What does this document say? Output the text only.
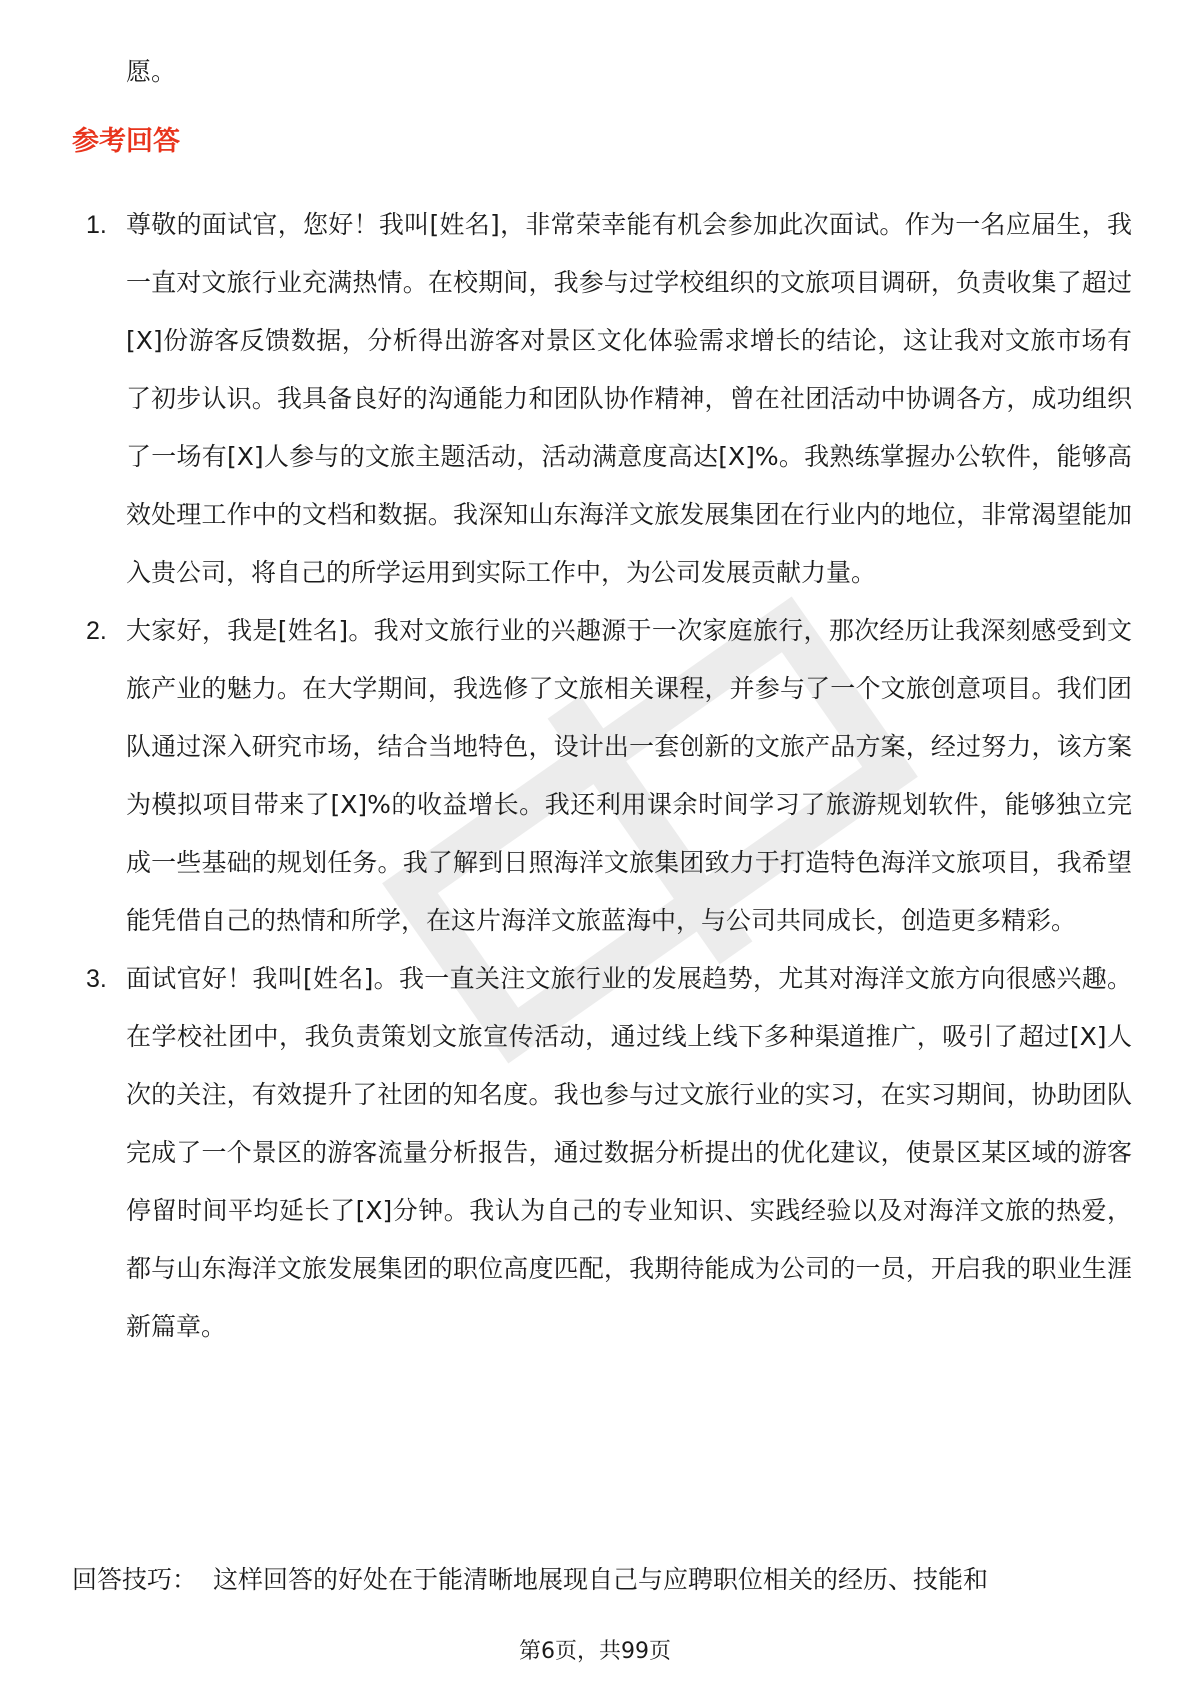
愿。
参考回答
1. 尊敬的面试官，您好！我叫[姓名]，非常荣幸能有机会参加此次面试。作为一名应届生，我一直对文旅行业充满热情。在校期间，我参与过学校组织的文旅项目调研，负责收集了超过[X]份游客反馈数据，分析得出游客对景区文化体验需求增长的结论，这让我对文旅市场有了初步认识。我具备良好的沟通能力和团队协作精神，曾在社团活动中协调各方，成功组织了一场有[X]人参与的文旅主题活动，活动满意度高达[X]%。我熟练掌握办公软件，能够高效处理工作中的文档和数据。我深知山东海洋文旅发展集团在行业内的地位，非常渴望能加入贵公司，将自己的所学运用到实际工作中，为公司发展贡献力量。
2. 大家好，我是[姓名]。我对文旅行业的兴趣源于一次家庭旅行，那次经历让我深刻感受到文旅产业的魅力。在大学期间，我选修了文旅相关课程，并参与了一个文旅创意项目。我们团队通过深入研究市场，结合当地特色，设计出一套创新的文旅产品方案，经过努力，该方案为模拟项目带来了[X]%的收益增长。我还利用课余时间学习了旅游规划软件，能够独立完成一些基础的规划任务。我了解到日照海洋文旅集团致力于打造特色海洋文旅项目，我希望能凭借自己的热情和所学，在这片海洋文旅蓝海中，与公司共同成长，创造更多精彩。
3. 面试官好！我叫[姓名]。我一直关注文旅行业的发展趋势，尤其对海洋文旅方向很感兴趣。在学校社团中，我负责策划文旅宣传活动，通过线上线下多种渠道推广，吸引了超过[X]人次的关注，有效提升了社团的知名度。我也参与过文旅行业的实习，在实习期间，协助团队完成了一个景区的游客流量分析报告，通过数据分析提出的优化建议，使景区某区域的游客停留时间平均延长了[X]分钟。我认为自己的专业知识、实践经验以及对海洋文旅的热爱，都与山东海洋文旅发展集团的职位高度匹配，我期待能成为公司的一员，开启我的职业生涯新篇章。
回答技巧： 这样回答的好处在于能清晰地展现自己与应聘职位相关的经历、技能和
第6页，共99页
